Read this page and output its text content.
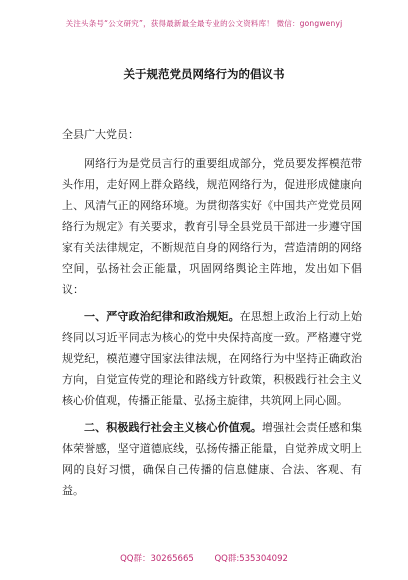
关注头条号“公文研究”，获得最新最全最专业的公文资料库！ 微信：gongwenyj
关于规范党员网络行为的倡议书

全县广大党员：

网络行为是党员言行的重要组成部分，党员要发挥模范带头作用，走好网上群众路线，规范网络行为，促进形成健康向上、风清气正的网络环境。为贯彻落实好《中国共产党党员网络行为规定》有关要求，教育引导全县党员干部进一步遵守国家有关法律规定，不断规范自身的网络行为，营造清朗的网络空间，弘扬社会正能量，巩固网络舆论主阵地，发出如下倡议：

一、严守政治纪律和政治规矩。在思想上政治上行动上始终同以习近平同志为核心的党中央保持高度一致。严格遵守党规党纪，模范遵守国家法律法规，在网络行为中坚持正确政治方向，自觉宣传党的理论和路线方针政策，积极践行社会主义核心价值观，传播正能量、弘扬主旋律，共筑网上同心圆。

二、积极践行社会主义核心价值观。增强社会责任感和集体荣誉感，坚守道德底线，弘扬传播正能量，自觉养成文明上网的良好习惯，确保自己传播的信息健康、合法、客观、有益。

QQ群：30265665 QQ群:535304092
